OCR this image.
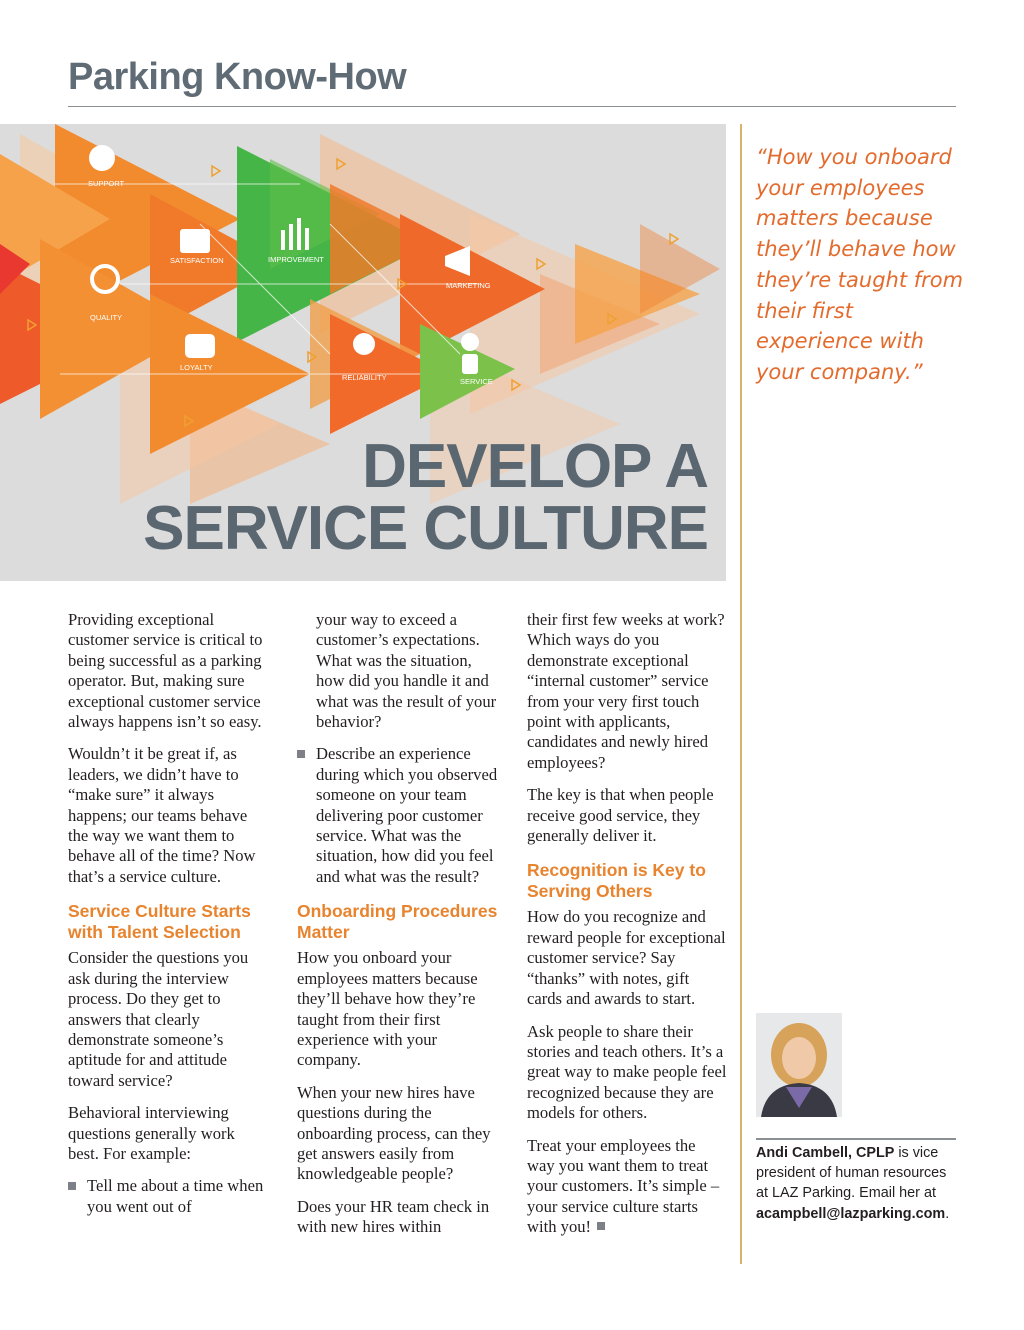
Parking Know-How
SUPPORT
SATISFACTION	IMPROVEMENT
MARKETING
QUALITY
LOYALTY
RELIABILITY	SERVICE
DEVELOP A
SERVICE CULTURE
“How you onboard your employees matters because they’ll behave how they’re taught from their first experience with your company.”

Providing exceptional customer service is critical to being successful as a parking operator. But, making sure exceptional customer service always happens isn’t so easy.

Wouldn’t it be great if, as leaders, we didn’t have to “make sure” it always happens; our teams behave the way we want them to behave all of the time? Now that’s a service culture.

Service Culture Starts with Talent Selection

Consider the questions you ask during the interview process. Do they get to answers that clearly demonstrate someone’s aptitude for and attitude toward service?

Behavioral interviewing questions generally work best. For example:

Tell me about a time when you went out of

your way to exceed a customer’s expectations. What was the situation, how did you handle it and what was the result of your behavior?

Describe an experience during which you observed someone on your team delivering poor customer service. What was the situation, how did you feel and what was the result?

Onboarding Procedures Matter

How you onboard your employees matters because they’ll behave how they’re taught from their first experience with your company.

When your new hires have questions during the onboarding process, can they get answers easily from knowledgeable people?

Does your HR team check in with new hires within

their first few weeks at work? Which ways do you demonstrate exceptional “internal customer” service from your very first touch point with applicants, candidates and newly hired employees?

The key is that when people receive good service, they generally deliver it.

Recognition is Key to Serving Others

How do you recognize and reward people for exceptional customer service? Say “thanks” with notes, gift cards and awards to start.

Ask people to share their stories and teach others. It’s a great way to make people feel recognized because they are models for others.

Treat your employees the way you want them to treat your customers. It’s simple – your service culture starts with you!

Andi Cambell, CPLP is vice president of human resources at LAZ Parking. Email her at acampbell@lazparking.com.
